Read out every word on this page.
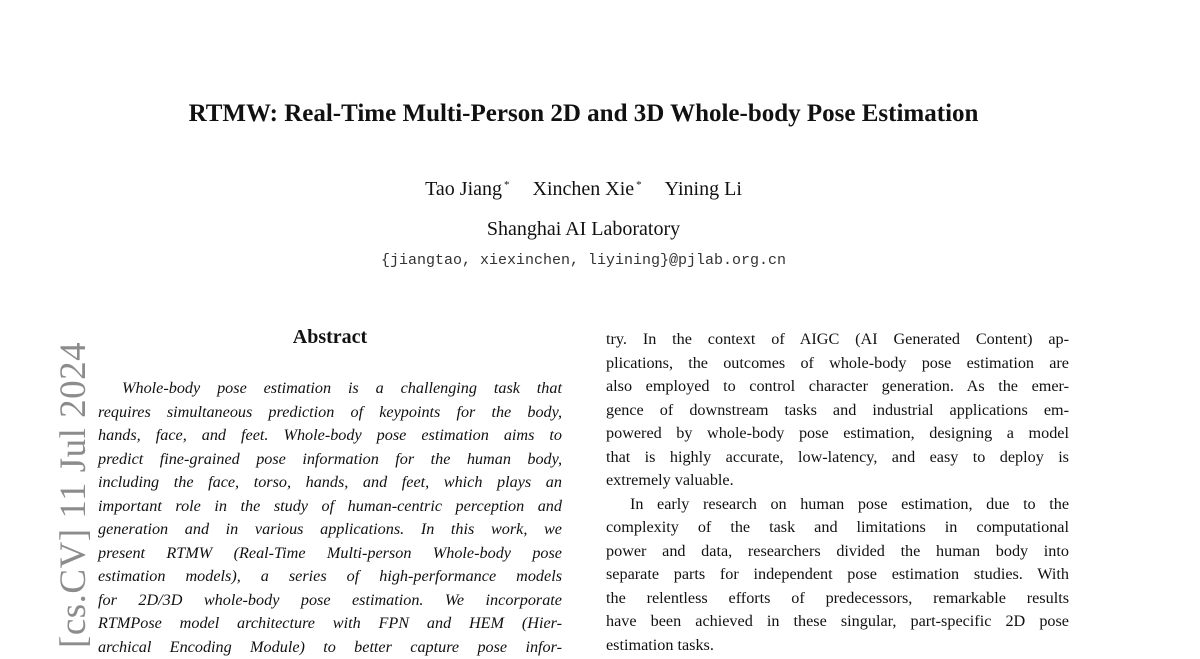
[cs.CV] 11 Jul 2024
RTMW: Real-Time Multi-Person 2D and 3D Whole-body Pose Estimation
Tao Jiang * Xinchen Xie * Yining Li
Shanghai AI Laboratory
{jiangtao, xiexinchen, liyining}@pjlab.org.cn
Abstract
Whole-body pose estimation is a challenging task that
requires simultaneous prediction of keypoints for the body,
hands, face, and feet. Whole-body pose estimation aims to
predict fine-grained pose information for the human body,
including the face, torso, hands, and feet, which plays an
important role in the study of human-centric perception and
generation and in various applications. In this work, we
present RTMW (Real-Time Multi-person Whole-body pose
estimation models), a series of high-performance models
for 2D/3D whole-body pose estimation. We incorporate
RTMPose model architecture with FPN and HEM (Hier-
archical Encoding Module) to better capture pose infor-
try. In the context of AIGC (AI Generated Content) ap-
plications, the outcomes of whole-body pose estimation are
also employed to control character generation. As the emer-
gence of downstream tasks and industrial applications em-
powered by whole-body pose estimation, designing a model
that is highly accurate, low-latency, and easy to deploy is
extremely valuable.
In early research on human pose estimation, due to the
complexity of the task and limitations in computational
power and data, researchers divided the human body into
separate parts for independent pose estimation studies. With
the relentless efforts of predecessors, remarkable results
have been achieved in these singular, part-specific 2D pose
estimation tasks.
